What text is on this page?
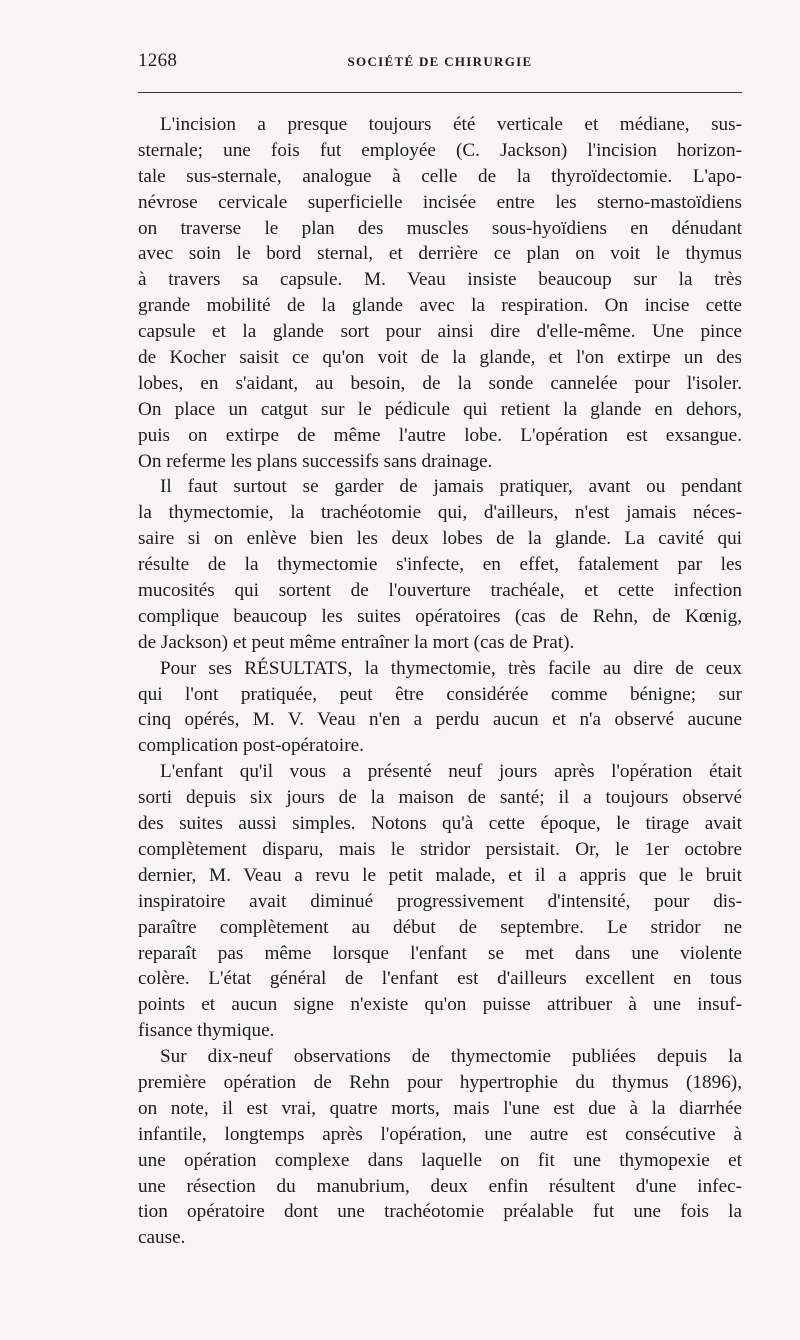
1268	SOCIÉTÉ DE CHIRURGIE
L'incision a presque toujours été verticale et médiane, sus-
sternale; une fois fut employée (C. Jackson) l'incision horizon-
tale sus-sternale, analogue à celle de la thyroïdectomie. L'apo-
névrose cervicale superficielle incisée entre les sterno-mastoïdiens
on traverse le plan des muscles sous-hyoïdiens en dénudant
avec soin le bord sternal, et derrière ce plan on voit le thymus
à travers sa capsule. M. Veau insiste beaucoup sur la très
grande mobilité de la glande avec la respiration. On incise cette
capsule et la glande sort pour ainsi dire d'elle-même. Une pince
de Kocher saisit ce qu'on voit de la glande, et l'on extirpe un des
lobes, en s'aidant, au besoin, de la sonde cannelée pour l'isoler.
On place un catgut sur le pédicule qui retient la glande en dehors,
puis on extirpe de même l'autre lobe. L'opération est exsangue.
On referme les plans successifs sans drainage.
Il faut surtout se garder de jamais pratiquer, avant ou pendant
la thymectomie, la trachéotomie qui, d'ailleurs, n'est jamais néces-
saire si on enlève bien les deux lobes de la glande. La cavité qui
résulte de la thymectomie s'infecte, en effet, fatalement par les
mucosités qui sortent de l'ouverture trachéale, et cette infection
complique beaucoup les suites opératoires (cas de Rehn, de Kœnig,
de Jackson) et peut même entraîner la mort (cas de Prat).
Pour ses RÉSULTATS, la thymectomie, très facile au dire de ceux
qui l'ont pratiquée, peut être considérée comme bénigne; sur
cinq opérés, M. V. Veau n'en a perdu aucun et n'a observé aucune
complication post-opératoire.
L'enfant qu'il vous a présenté neuf jours après l'opération était
sorti depuis six jours de la maison de santé; il a toujours observé
des suites aussi simples. Notons qu'à cette époque, le tirage avait
complètement disparu, mais le stridor persistait. Or, le 1er octobre
dernier, M. Veau a revu le petit malade, et il a appris que le bruit
inspiratoire avait diminué progressivement d'intensité, pour dis-
paraître complètement au début de septembre. Le stridor ne
reparaît pas même lorsque l'enfant se met dans une violente
colère. L'état général de l'enfant est d'ailleurs excellent en tous
points et aucun signe n'existe qu'on puisse attribuer à une insuf-
fisance thymique.
Sur dix-neuf observations de thymectomie publiées depuis la
première opération de Rehn pour hypertrophie du thymus (1896),
on note, il est vrai, quatre morts, mais l'une est due à la diarrhée
infantile, longtemps après l'opération, une autre est consécutive à
une opération complexe dans laquelle on fit une thymopexie et
une résection du manubrium, deux enfin résultent d'une infec-
tion opératoire dont une trachéotomie préalable fut une fois la
cause.
